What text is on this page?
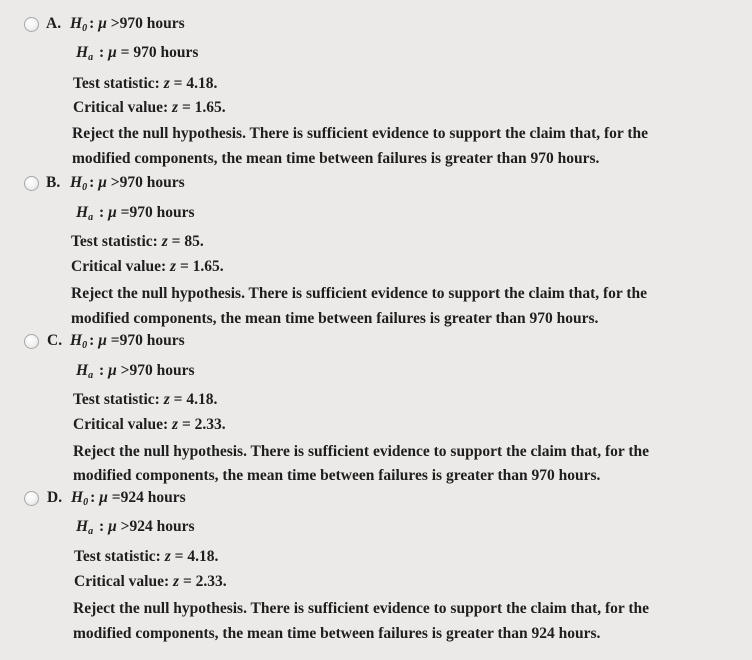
A. $H_0$ : μ >970 hours
$H_a$ : μ = 970 hours
Test statistic: z = 4.18.
Critical value: z = 1.65.
Reject the null hypothesis. There is sufficient evidence to support the claim that, for the
modified components, the mean time between failures is greater than 970 hours.
B. $H_0$ : μ >970 hours
$H_a$ : μ =970 hours
Test statistic: z = 85.
Critical value: z = 1.65.
Reject the null hypothesis. There is sufficient evidence to support the claim that, for the
modified components, the mean time between failures is greater than 970 hours.
C. $H_0$ : μ =970 hours
$H_a$ : μ >970 hours
Test statistic: z = 4.18.
Critical value: z = 2.33.
Reject the null hypothesis. There is sufficient evidence to support the claim that, for the
modified components, the mean time between failures is greater than 970 hours.
D. $H_0$ : μ =924 hours
$H_a$ : μ >924 hours
Test statistic: z = 4.18.
Critical value: z = 2.33.
Reject the null hypothesis. There is sufficient evidence to support the claim that, for the
modified components, the mean time between failures is greater than 924 hours.
